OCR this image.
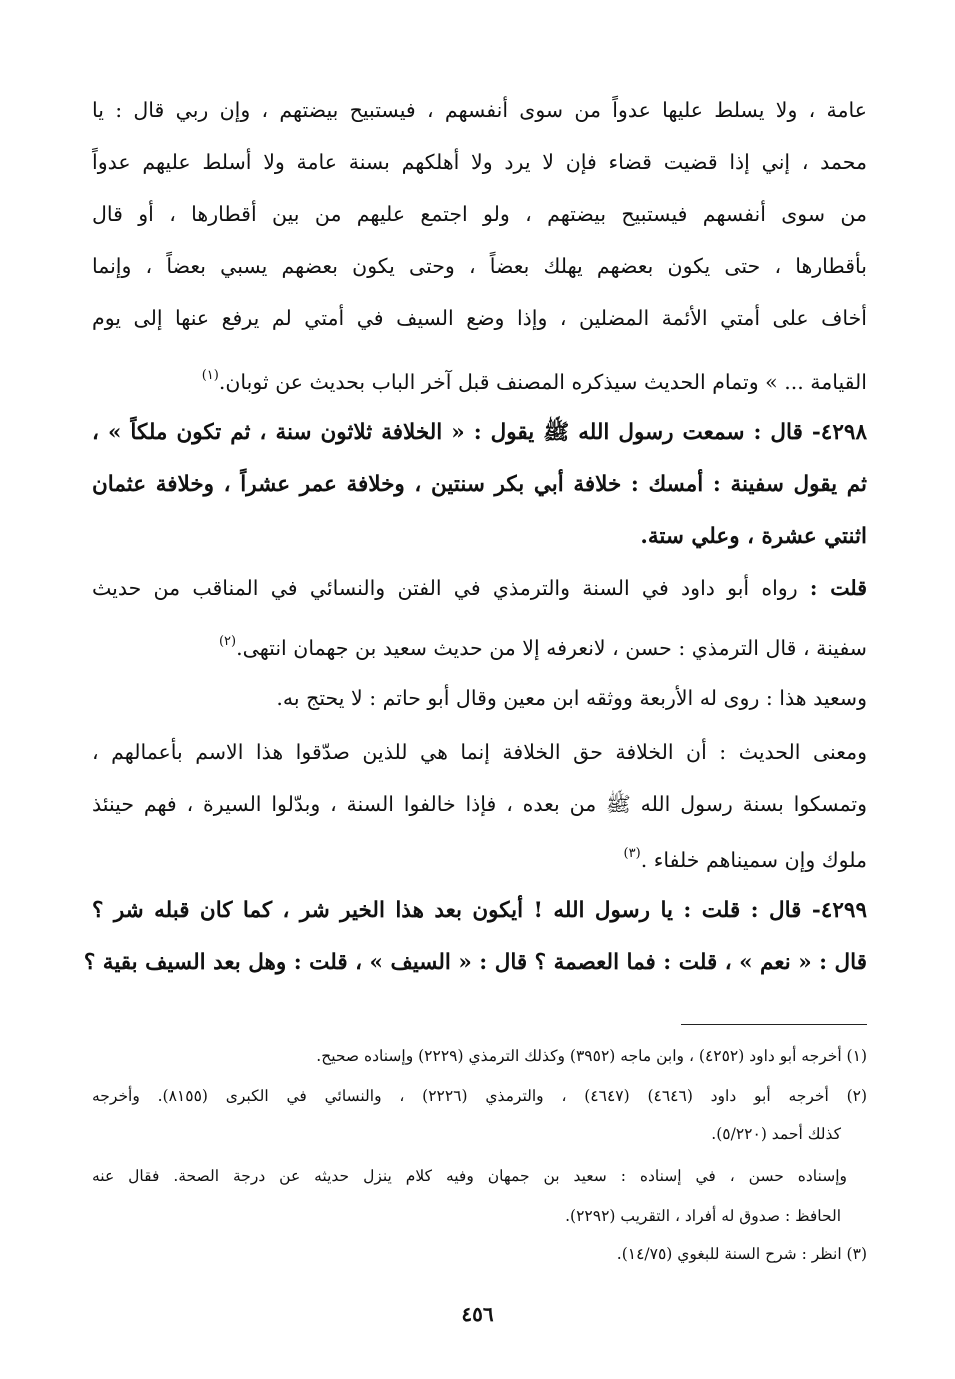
عامة ، ولا يسلط عليها عدواً من سوى أنفسهم ، فيستبيح بيضتهم ، وإن ربي قال : يا

محمد ، إني إذا قضيت قضاء فإن لا يرد ولا أهلكهم بسنة عامة ولا أسلط عليهم عدواً

من سوى أنفسهم فيستبيح بيضتهم ، ولو اجتمع عليهم من بين أقطارها ، أو قال

بأقطارها ، حتى يكون بعضهم يهلك بعضاً ، وحتى يكون بعضهم يسبي بعضاً ، وإنما

أخاف على أمتي الأئمة المضلين ، وإذا وضع السيف في أمتي لم يرفع عنها إلى يوم

القيامة ... » وتمام الحديث سيذكره المصنف قبل آخر الباب بحديث عن ثوبان.$^{(١)}$

٤٢٩٨- قال : سمعت رسول الله ﷺ يقول : « الخلافة ثلاثون سنة ، ثم تكون ملكاً » ،

ثم يقول سفينة : أمسك : خلافة أبي بكر سنتين ، وخلافة عمر عشراً ، وخلافة عثمان

اثنتي عشرة ، وعلي ستة.

قلت : رواه أبو داود في السنة والترمذي في الفتن والنسائي في المناقب من حديث

سفينة ، قال الترمذي : حسن ، لانعرفه إلا من حديث سعيد بن جهمان انتهى.$^{(٢)}$

وسعيد هذا : روى له الأربعة ووثقه ابن معين وقال أبو حاتم : لا يحتج به.

ومعنى الحديث : أن الخلافة حق الخلافة إنما هي للذين صدّقوا هذا الاسم بأعمالهم ،

وتمسكوا بسنة رسول الله ﷺ من بعده ، فإذا خالفوا السنة ، وبدّلوا السيرة ، فهم حينئذ

ملوك وإن سميناهم خلفاء .$^{(٣)}$

٤٢٩٩- قال : قلت : يا رسول الله ! أيكون بعد هذا الخير شر ، كما كان قبله شر ؟

قال : « نعم » ، قلت : فما العصمة ؟ قال : « السيف » ، قلت : وهل بعد السيف بقية ؟

(١) أخرجه أبو داود (٤٢٥٢) ، وابن ماجه (٣٩٥٢) وكذلك الترمذي (٢٢٢٩) وإسناده صحيح.
(٢) أخرجه أبو داود (٤٦٤٦) (٤٦٤٧) ، والترمذي (٢٢٢٦) ، والنسائي في الكبرى (٨١٥٥). وأخرجه
كذلك أحمد (٥/٢٢٠).
وإسناده حسن ، في إسناده : سعيد بن جمهان وفيه كلام ينزل حديثه عن درجة الصحة. فقال عنه
الحافظ : صدوق له أفراد ، التقريب (٢٢٩٢).
(٣) انظر : شرح السنة للبغوي (١٤/٧٥).
٤٥٦
